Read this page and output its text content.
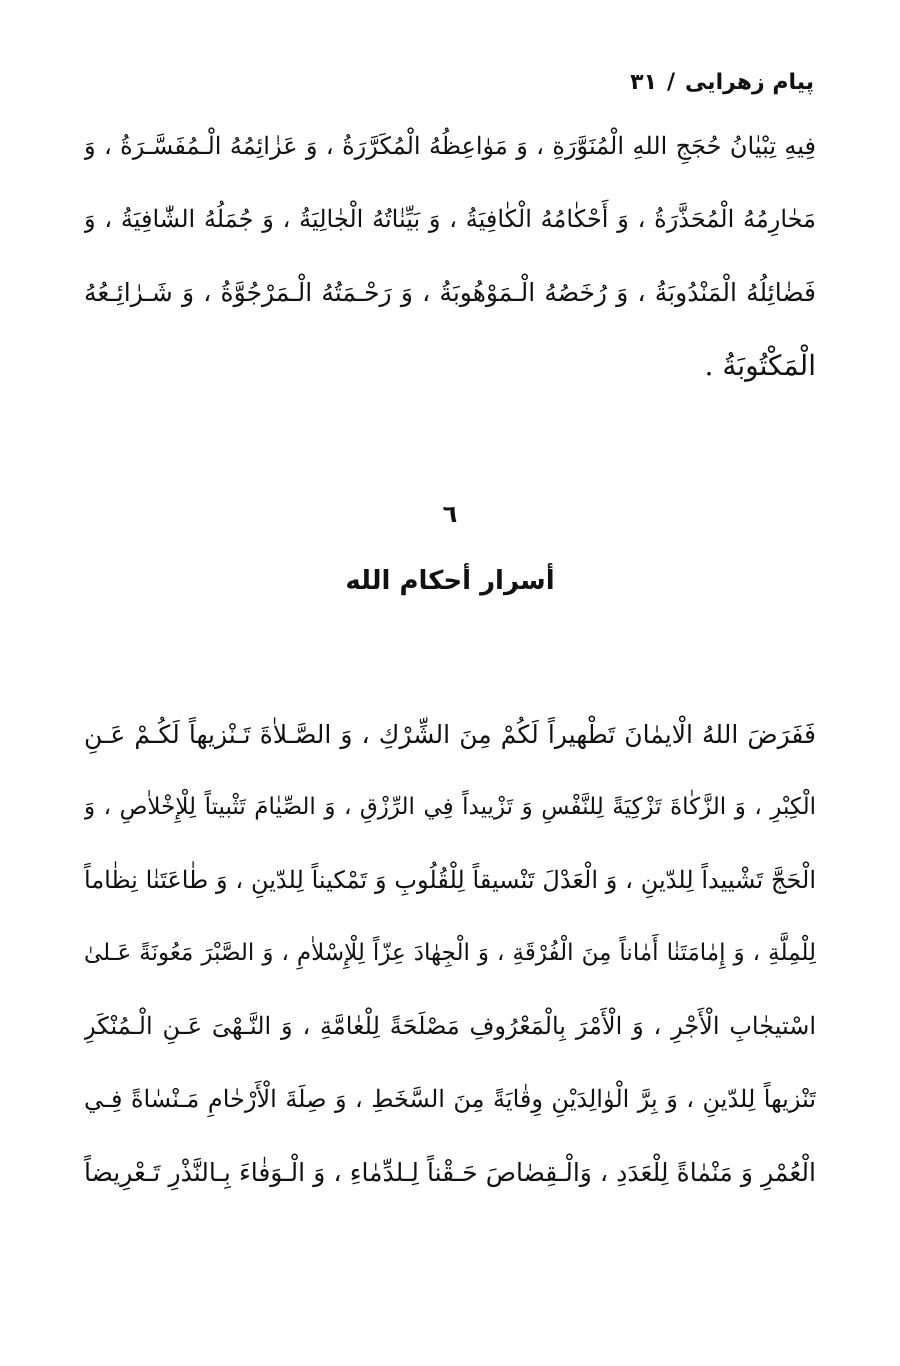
پيام زهرايى/٣١
فِيهِ تِبْيٰانُ حُجَجِ اللهِ الْمُنَوَّرَةِ ، وَ مَوٰاعِظُهُ الْمُكَرَّرَةُ ، وَ عَزٰائِمُهُ الْـمُفَسَّـرَةُ ، وَ
مَحٰارِمُهُ الْمُحَذَّرَةُ ، وَ أَحْكٰامُهُ الْكٰافِيَةُ ، وَ بَيِّنٰاتُهُ الْجٰالِيَةُ ، وَ جُمَلُهُ الشّٰافِيَةُ ، وَ
فَضٰائِلُهُ الْمَنْدُوبَةُ ، وَ رُخَصُهُ الْـمَوْهُوبَةُ ، وَ رَحْـمَتُهُ الْـمَرْجُوَّةُ ، وَ شَـرٰائِـعُهُ
الْمَكْتُوبَةُ .
٦
أسرار أحكام الله
فَفَرَضَ اللهُ الْايمٰانَ تَطْهيراً لَكُمْ مِنَ الشِّرْكِ ، وَ الصَّـلاٰةَ تَـنْزيهاً لَكُـمْ عَـنِ
الْكِبْرِ ، وَ الزَّكٰاةَ تَزْكِيَةً لِلنَّفْسِ وَ تَزْييداً فِي الرِّزْقِ ، وَ الصِّيٰامَ تَثْبيتاً لِلْإِخْلاٰصِ ، وَ
الْحَجَّ تَشْييداً لِلدّينِ ، وَ الْعَدْلَ تَنْسيقاً لِلْقُلُوبِ وَ تَمْكيناً لِلدّينِ ، وَ طٰاعَتَنٰا نِظٰاماً
لِلْمِلَّةِ ، وَ إِمٰامَتَنٰا أَمٰاناً مِنَ الْفُرْقَةِ ، وَ الْجِهٰادَ عِزّاً لِلْإِسْلاٰمِ ، وَ الصَّبْرَ مَعُونَةً عَـلىٰ
اسْتيجٰابِ الْأَجْرِ ، وَ الْأَمْرَ بِالْمَعْرُوفِ مَصْلَحَةً لِلْعٰامَّةِ ، وَ النَّـهْىَ عَـنِ الْـمُنْكَرِ
تَنْزيهاً لِلدّينِ ، وَ بِرَّ الْوٰالِدَيْنِ وِقٰايَةً مِنَ السَّخَطِ ، وَ صِلَةَ الْأَرْحٰامِ مَـنْسٰاةً فِـي
الْعُمْرِ وَ مَنْمٰاةً لِلْعَدَدِ ، وَالْـقِصٰاصَ حَـقْناً لِـلدِّمٰاءِ ، وَ الْـوَفٰاءَ بِـالنَّذْرِ تَـعْرِيضاً
